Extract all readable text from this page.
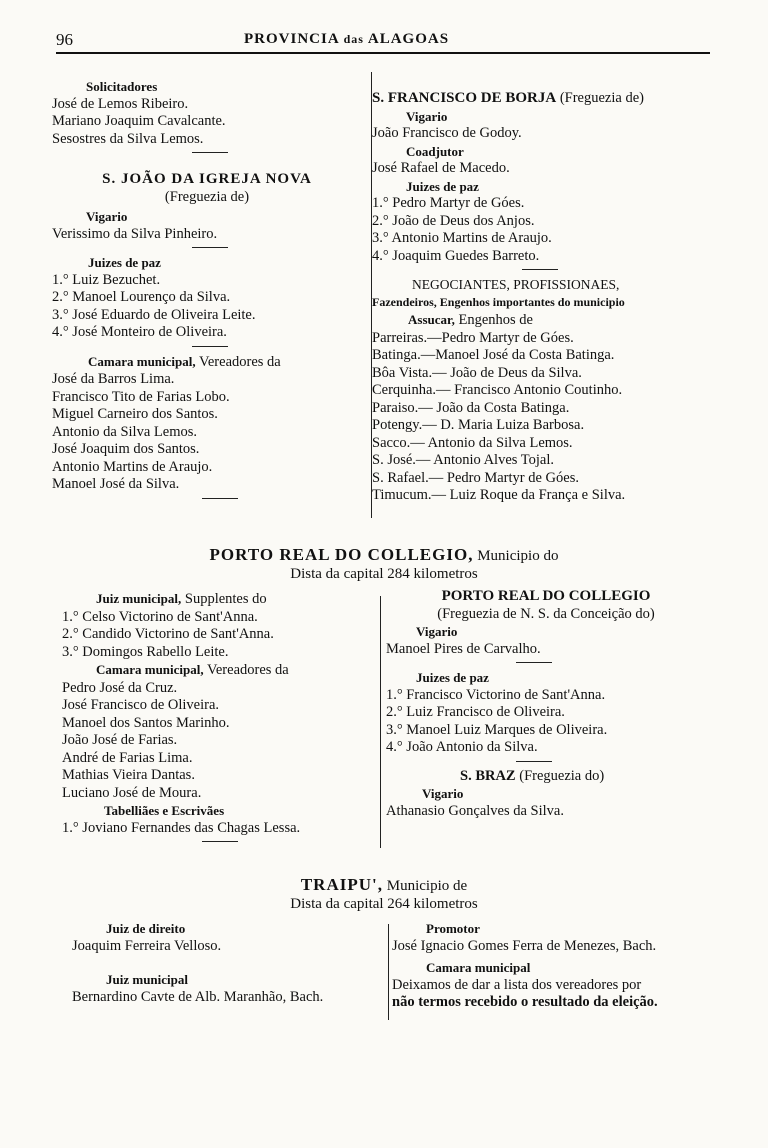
96	PROVINCIA das ALAGOAS
Solicitadores
José de Lemos Ribeiro.
Mariano Joaquim Cavalcante.
Sesostres da Silva Lemos.
S. JOÃO DA IGREJA NOVA
(Freguezia de)
Vigario
Verissimo da Silva Pinheiro.
Juizes de paz
1.° Luiz Bezuchet.
2.° Manoel Lourenço da Silva.
3.° José Eduardo de Oliveira Leite.
4.° José Monteiro de Oliveira.
Camara municipal, Vereadores da
José da Barros Lima.
Francisco Tito de Farias Lobo.
Miguel Carneiro dos Santos.
Antonio da Silva Lemos.
José Joaquim dos Santos.
Antonio Martins de Araujo.
Manoel José da Silva.
S. FRANCISCO DE BORJA (Freguezia de)
Vigario
João Francisco de Godoy.
Coadjutor
José Rafael de Macedo.
Juizes de paz
1.° Pedro Martyr de Góes.
2.° João de Deus dos Anjos.
3.° Antonio Martins de Araujo.
4.° Joaquim Guedes Barreto.
NEGOCIANTES, PROFISSIONAES,
Fazendeiros, Engenhos importantes do municipio
Assucar, Engenhos de
Parreiras.—Pedro Martyr de Góes.
Batinga.—Manoel José da Costa Batinga.
Bôa Vista.— João de Deus da Silva.
Cerquinha.— Francisco Antonio Coutinho.
Paraiso.— João da Costa Batinga.
Potengy.— D. Maria Luiza Barbosa.
Sacco.— Antonio da Silva Lemos.
S. José.— Antonio Alves Tojal.
S. Rafael.— Pedro Martyr de Góes.
Timucum.— Luiz Roque da França e Silva.
PORTO REAL DO COLLEGIO, Municipio do
Dista da capital 284 kilometros
Juiz municipal, Supplentes do
1.° Celso Victorino de Sant'Anna.
2.° Candido Victorino de Sant'Anna.
3.° Domingos Rabello Leite.
Camara municipal, Vereadores da
Pedro José da Cruz.
José Francisco de Oliveira.
Manoel dos Santos Marinho.
João José de Farias.
André de Farias Lima.
Mathias Vieira Dantas.
Luciano José de Moura.
Tabelliães e Escrivães
1.° Joviano Fernandes das Chagas Lessa.
PORTO REAL DO COLLEGIO
(Freguezia de N. S. da Conceição do)
Vigario
Manoel Pires de Carvalho.
Juizes de paz
1.° Francisco Victorino de Sant'Anna.
2.° Luiz Francisco de Oliveira.
3.° Manoel Luiz Marques de Oliveira.
4.° João Antonio da Silva.
S. BRAZ (Freguezia do)
Vigario
Athanasio Gonçalves da Silva.
TRAIPU', Municipio de
Dista da capital 264 kilometros
Juiz de direito
Joaquim Ferreira Velloso.
Juiz municipal
Bernardino Cavte de Alb. Maranhão, Bach.
Promotor
José Ignacio Gomes Ferra de Menezes, Bach.
Camara municipal
Deixamos de dar a lista dos vereadores por
não termos recebido o resultado da eleição.
